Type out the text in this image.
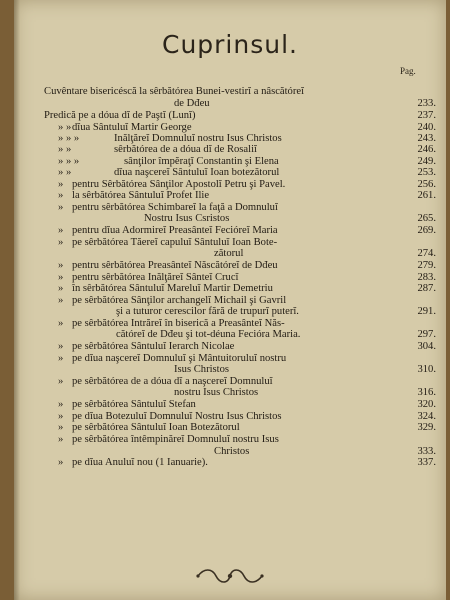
Cuprinsul.
Pag.
Cuvêntare bisericéscă la sêrbătórea Bunei-vestirĭ a nâscătóreĭ
de Dđeu	233.
Predică pe a dóua dĭ de Paştĭ (Lunĭ)	237.
» » dĭua Sântuluĭ Martir George	240.
» » »	Inălţăreĭ Domnuluĭ nostru Isus Christos	243.
» »	sêrbătórea de a dóua dĭ de Rosaliĭ	246.
» » »	sânţilor împĕraţĭ Constantin şi Elena	249.
» »	dĭua naşcereĭ Sântuluĭ Ioan botezătorul	253.
» pentru Sêrbătórea Sânţilor Apostolĭ Petru şi Pavel.	256.
» la sêrbătórea Sântuluĭ Profet Ilie	261.
» pentru sêrbătórea Schimbareĭ la faţă a Domnuluĭ
Nostru Isus Csristos	265.
» pentru dĭua Adormireĭ Preasânteĭ Fecióreĭ Maria	269.
» pe sêrbătórea Tăereĭ capuluĭ Sântuluĭ Ioan Bote-
zătorul	274.
» pentru sêrbătórea Preasânteĭ Născătóreĭ de Dđeu	279.
» pentru sêrbătórea Inălţăreĭ Sânteĭ Crucĭ	283.
» în sêrbătórea Sântuluĭ Mareluĭ Martir Demetriu	287.
» pe sêrbătórea Sânţilor archangelĭ Michail şi Gavril
şi a tuturor cerescilor fără de trupurĭ puterĭ.	291.
» pe sêrbătórea Intrăreĭ în biserică a Preasânteĭ Năs-
cătóreĭ de Dđeu şi tot-déuna Fecióra Maria.	297.
» pe sêrbătórea Sântuluĭ Ierarch Nicolae	304.
» pe dĭua naşcereĭ Domnuluĭ şi Mântuitoruluĭ nostru
Isus Christos	310.
» pe sêrbătórea de a dóua dĭ a naşcereĭ Domnuluĭ
nostru Isus Christos	316.
» pe sêrbătórea Sântuluĭ Stefan	320.
» pe dĭua Botezuluĭ Domnuluĭ Nostru Isus Christos	324.
» pe sêrbătórea Sântuluĭ Ioan Botezătorul	329.
» pe sêrbătórea întêmpinăreĭ Domnuluĭ nostru Isus
Christos	333.
» pe dĭua Anuluĭ nou (1 Ianuarie).	337.
